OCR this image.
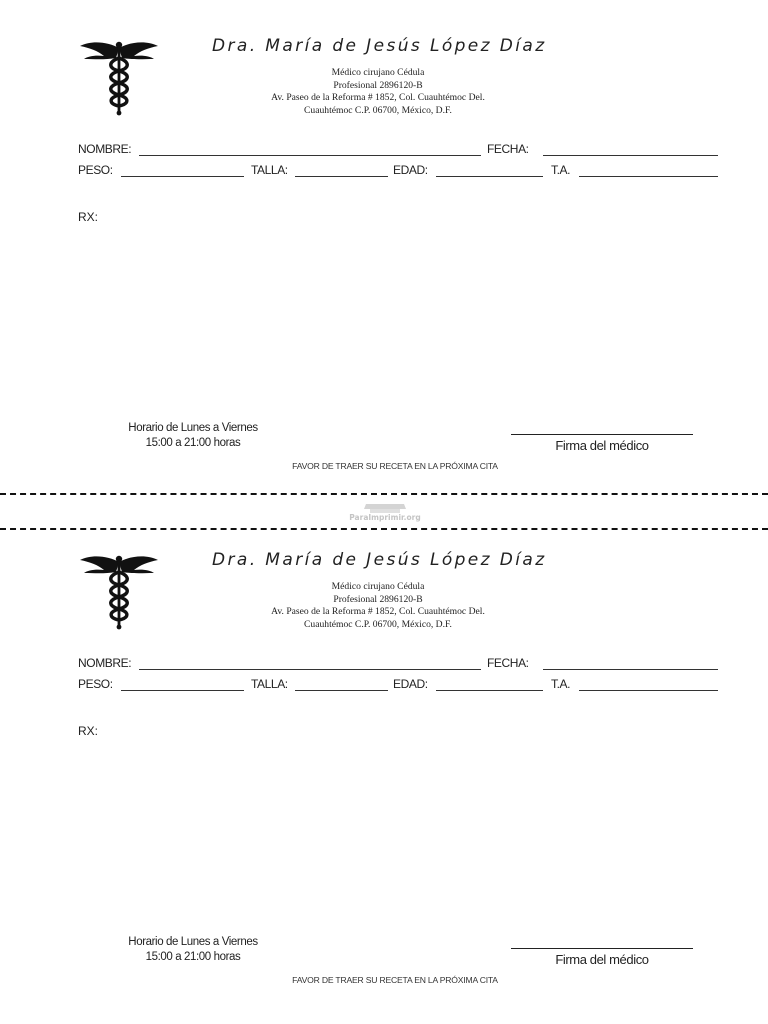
Dra. María de Jesús López Díaz
Médico cirujano Cédula
Profesional 2896120-B
Av. Paseo de la Reforma # 1852, Col. Cuauhtémoc Del.
Cuauhtémoc C.P. 06700, México, D.F.
NOMBRE:	FECHA:
PESO:	TALLA:	EDAD:	T.A.
RX:
Horario de Lunes a Viernes
15:00 a 21:00 horas	Firma del médico
FAVOR DE TRAER SU RECETA EN LA PRÓXIMA CITA
ParaImprimir.org
Dra. María de Jesús López Díaz
Médico cirujano Cédula
Profesional 2896120-B
Av. Paseo de la Reforma # 1852, Col. Cuauhtémoc Del.
Cuauhtémoc C.P. 06700, México, D.F.
NOMBRE:	FECHA:
PESO:	TALLA:	EDAD:	T.A.
RX:
Horario de Lunes a Viernes
15:00 a 21:00 horas	Firma del médico
FAVOR DE TRAER SU RECETA EN LA PRÓXIMA CITA
